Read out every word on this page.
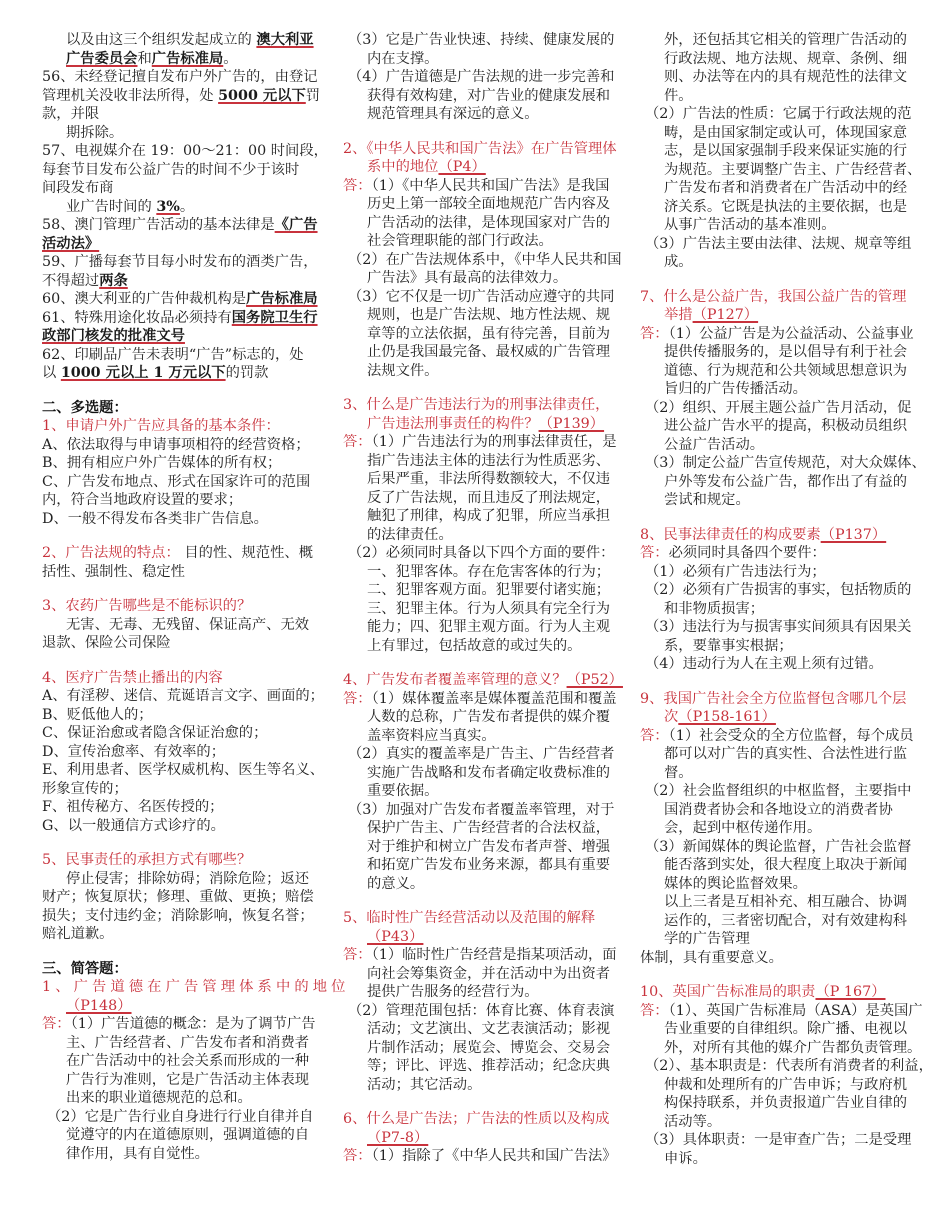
以及由这三个组织发起成立的 澳大利亚
广告委员会和广告标准局。
56、未经登记擅自发布户外广告的，由登记
管理机关没收非法所得，处 5000 元以下罚
款，并限
期拆除。
57、电视媒介在 19：00～21：00 时间段，
每套节目发布公益广告的时间不少于该时
间段发布商
业广告时间的 3%。
58、澳门管理广告活动的基本法律是《广告
活动法》
59、广播每套节目每小时发布的酒类广告，
不得超过两条
60、澳大利亚的广告仲裁机构是广告标准局
61、特殊用途化妆品必须持有国务院卫生行
政部门核发的批准文号
62、印刷品广告未表明“广告”标志的，处
以 1000 元以上 1 万元以下的罚款
二、多选题：
1、申请户外广告应具备的基本条件：
A、依法取得与申请事项相符的经营资格；
B、拥有相应户外广告媒体的所有权；
C、广告发布地点、形式在国家许可的范围
内，符合当地政府设置的要求；
D、一般不得发布各类非广告信息。
2、广告法规的特点： 目的性、规范性、概
括性、强制性、稳定性
3、农药广告哪些是不能标识的？
无害、无毒、无残留、保证高产、无效
退款、保险公司保险
4、医疗广告禁止播出的内容
A、有淫秽、迷信、荒诞语言文字、画面的；
B、贬低他人的；
C、保证治愈或者隐含保证治愈的；
D、宣传治愈率、有效率的；
E、利用患者、医学权威机构、医生等名义、
形象宣传的；
F、祖传秘方、名医传授的；
G、以一般通信方式诊疗的。
5、民事责任的承担方式有哪些？
停止侵害；排除妨碍；消除危险；返还
财产；恢复原状；修理、重做、更换；赔偿
损失；支付违约金；消除影响，恢复名誉；
赔礼道歉。
三、简答题：
1、广告道德在广告管理体系中的地位
（P148）
答：（1）广告道德的概念：是为了调节广告
主、广告经营者、广告发布者和消费者
在广告活动中的社会关系而形成的一种
广告行为准则，它是广告活动主体表现
出来的职业道德规范的总和。
（2）它是广告行业自身进行行业自律并自
觉遵守的内在道德原则，强调道德的自
律作用，具有自觉性。
（3）它是广告业快速、持续、健康发展的
内在支撑。
（4）广告道德是广告法规的进一步完善和
获得有效构建，对广告业的健康发展和
规范管理具有深远的意义。
2、《中华人民共和国广告法》在广告管理体
系中的地位（P4）
答：（1）《中华人民共和国广告法》是我国
历史上第一部较全面地规范广告内容及
广告活动的法律，是体现国家对广告的
社会管理职能的部门行政法。
（2）在广告法规体系中，《中华人民共和国
广告法》具有最高的法律效力。
（3）它不仅是一切广告活动应遵守的共同
规则，也是广告法规、地方性法规、规
章等的立法依据，虽有待完善，目前为
止仍是我国最完备、最权威的广告管理
法规文件。
3、什么是广告违法行为的刑事法律责任，
广告违法刑事责任的构件？（P139）
答：（1）广告违法行为的刑事法律责任，是
指广告违法主体的违法行为性质恶劣、
后果严重，非法所得数额较大，不仅违
反了广告法规，而且违反了刑法规定，
触犯了刑律，构成了犯罪，所应当承担
的法律责任。
（2）必须同时具备以下四个方面的要件：
一、犯罪客体。存在危害客体的行为；
二、犯罪客观方面。犯罪要付诸实施；
三、犯罪主体。行为人须具有完全行为
能力；四、犯罪主观方面。行为人主观
上有罪过，包括故意的或过失的。
4、广告发布者覆盖率管理的意义？（P52）
答：（1）媒体覆盖率是媒体覆盖范围和覆盖
人数的总称，广告发布者提供的媒介覆
盖率资料应当真实。
（2）真实的覆盖率是广告主、广告经营者
实施广告战略和发布者确定收费标准的
重要依据。
（3）加强对广告发布者覆盖率管理，对于
保护广告主、广告经营者的合法权益，
对于维护和树立广告发布者声誉、增强
和拓宽广告发布业务来源，都具有重要
的意义。
5、临时性广告经营活动以及范围的解释
（P43）
答：（1）临时性广告经营是指某项活动，面
向社会筹集资金，并在活动中为出资者
提供广告服务的经营行为。
（2）管理范围包括：体育比赛、体育表演
活动；文艺演出、文艺表演活动；影视
片制作活动；展览会、博览会、交易会
等；评比、评选、推荐活动；纪念庆典
活动；其它活动。
6、什么是广告法；广告法的性质以及构成
（P7-8）
答：（1）指除了《中华人民共和国广告法》
外，还包括其它相关的管理广告活动的
行政法规、地方法规、规章、条例、细
则、办法等在内的具有规范性的法律文
件。
（2）广告法的性质：它属于行政法规的范
畴，是由国家制定或认可，体现国家意
志，是以国家强制手段来保证实施的行
为规范。主要调整广告主、广告经营者、
广告发布者和消费者在广告活动中的经
济关系。它既是执法的主要依据，也是
从事广告活动的基本准则。
（3）广告法主要由法律、法规、规章等组
成。
7、什么是公益广告，我国公益广告的管理
举措（P127）
答：（1）公益广告是为公益活动、公益事业
提供传播服务的，是以倡导有利于社会
道德、行为规范和公共领域思想意识为
旨归的广告传播活动。
（2）组织、开展主题公益广告月活动，促
进公益广告水平的提高，积极动员组织
公益广告活动。
（3）制定公益广告宣传规范，对大众媒体、
户外等发布公益广告，都作出了有益的
尝试和规定。
8、民事法律责任的构成要素（P137）
答：必须同时具备四个要件：
（1）必须有广告违法行为；
（2）必须有广告损害的事实，包括物质的
和非物质损害；
（3）违法行为与损害事实间须具有因果关
系，要靠事实根据；
（4）违动行为人在主观上须有过错。
9、我国广告社会全方位监督包含哪几个层
次（P158-161）
答：（1）社会受众的全方位监督，每个成员
都可以对广告的真实性、合法性进行监
督。
（2）社会监督组织的中枢监督，主要指中
国消费者协会和各地设立的消费者协
会，起到中枢传递作用。
（3）新闻媒体的舆论监督，广告社会监督
能否落到实处，很大程度上取决于新闻
媒体的舆论监督效果。
以上三者是互相补充、相互融合、协调
运作的，三者密切配合，对有效建构科
学的广告管理
体制，具有重要意义。
10、英国广告标准局的职责（P 167）
答：（1）、英国广告标准局（ASA）是英国广
告业重要的自律组织。除广播、电视以
外，对所有其他的媒介广告都负责管理。
（2）、基本职责是：代表所有消费者的利益，
仲裁和处理所有的广告申诉；与政府机
构保持联系，并负责报道广告业自律的
活动等。
（3）具体职责：一是审查广告；二是受理
申诉。
